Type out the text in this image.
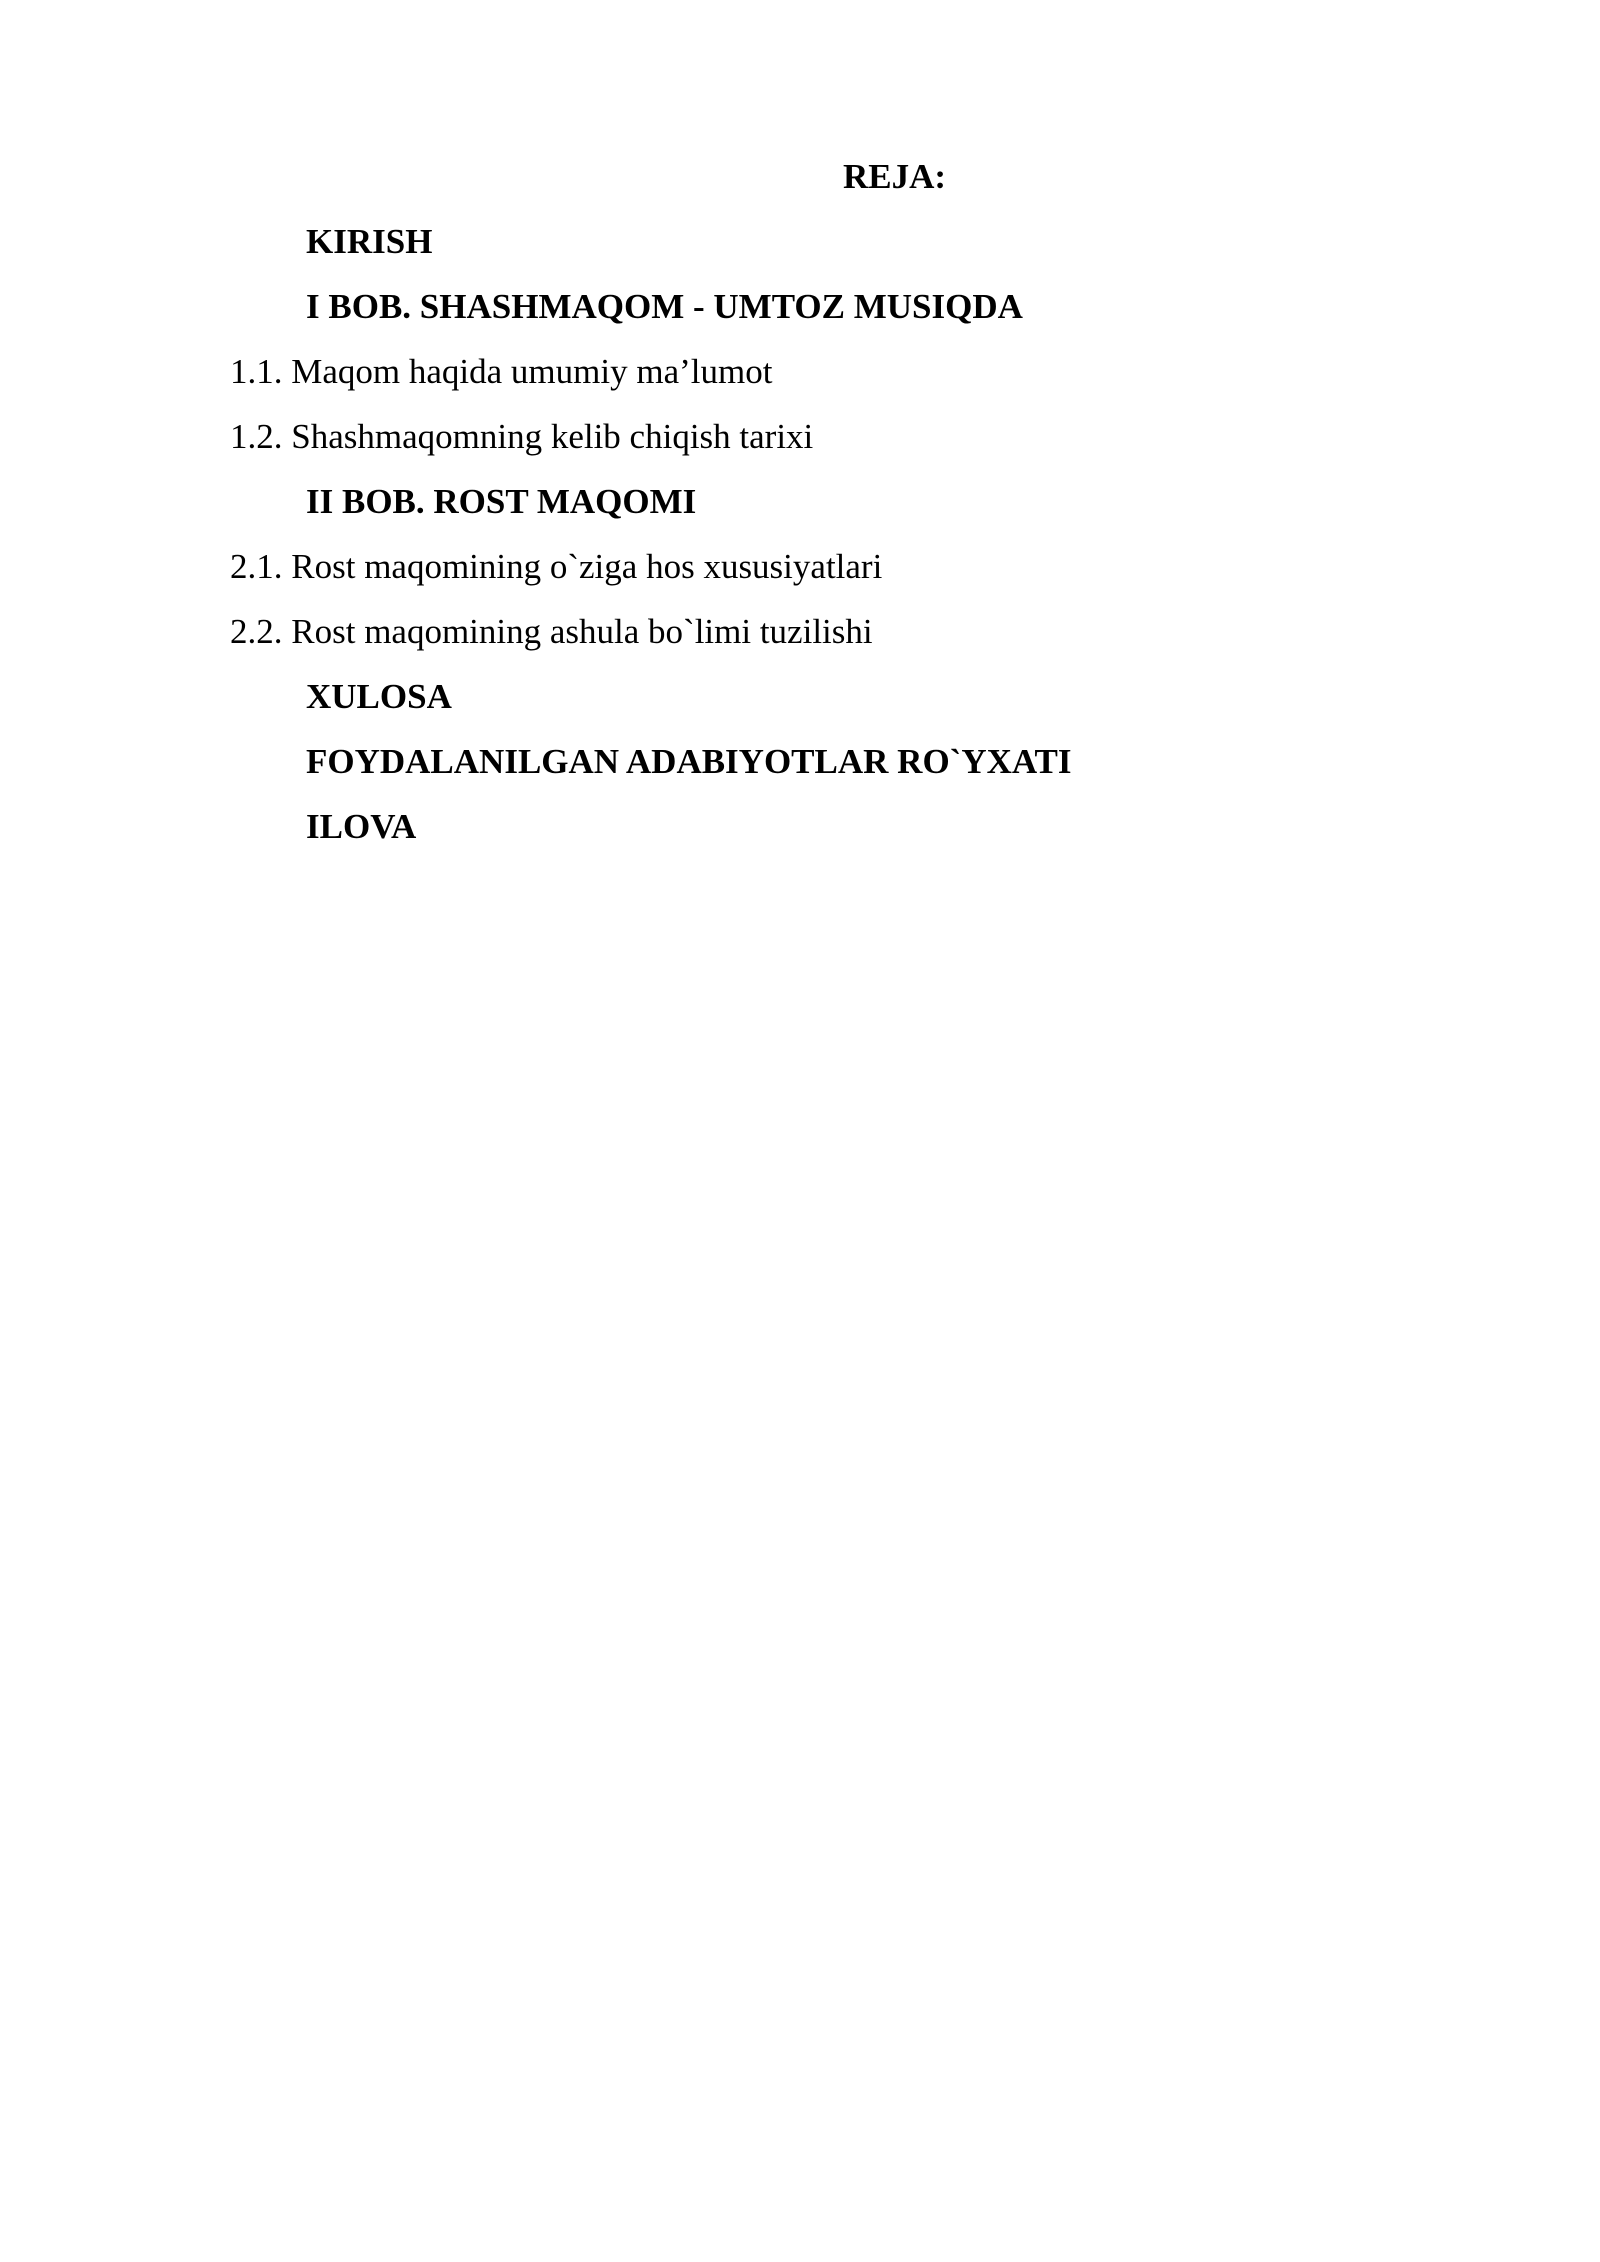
REJA:
KIRISH
I BOB. SHASHMAQOM - UMTOZ MUSIQDA
1.1. Maqom haqida umumiy ma’lumot
1.2. Shashmaqomning kelib chiqish tarixi
II BOB. ROST MAQOMI
2.1. Rost maqomining o`ziga hos xususiyatlari
2.2. Rost maqomining ashula bo`limi tuzilishi
XULOSA
FOYDALANILGAN ADABIYOTLAR RO`YXATI
ILOVA
